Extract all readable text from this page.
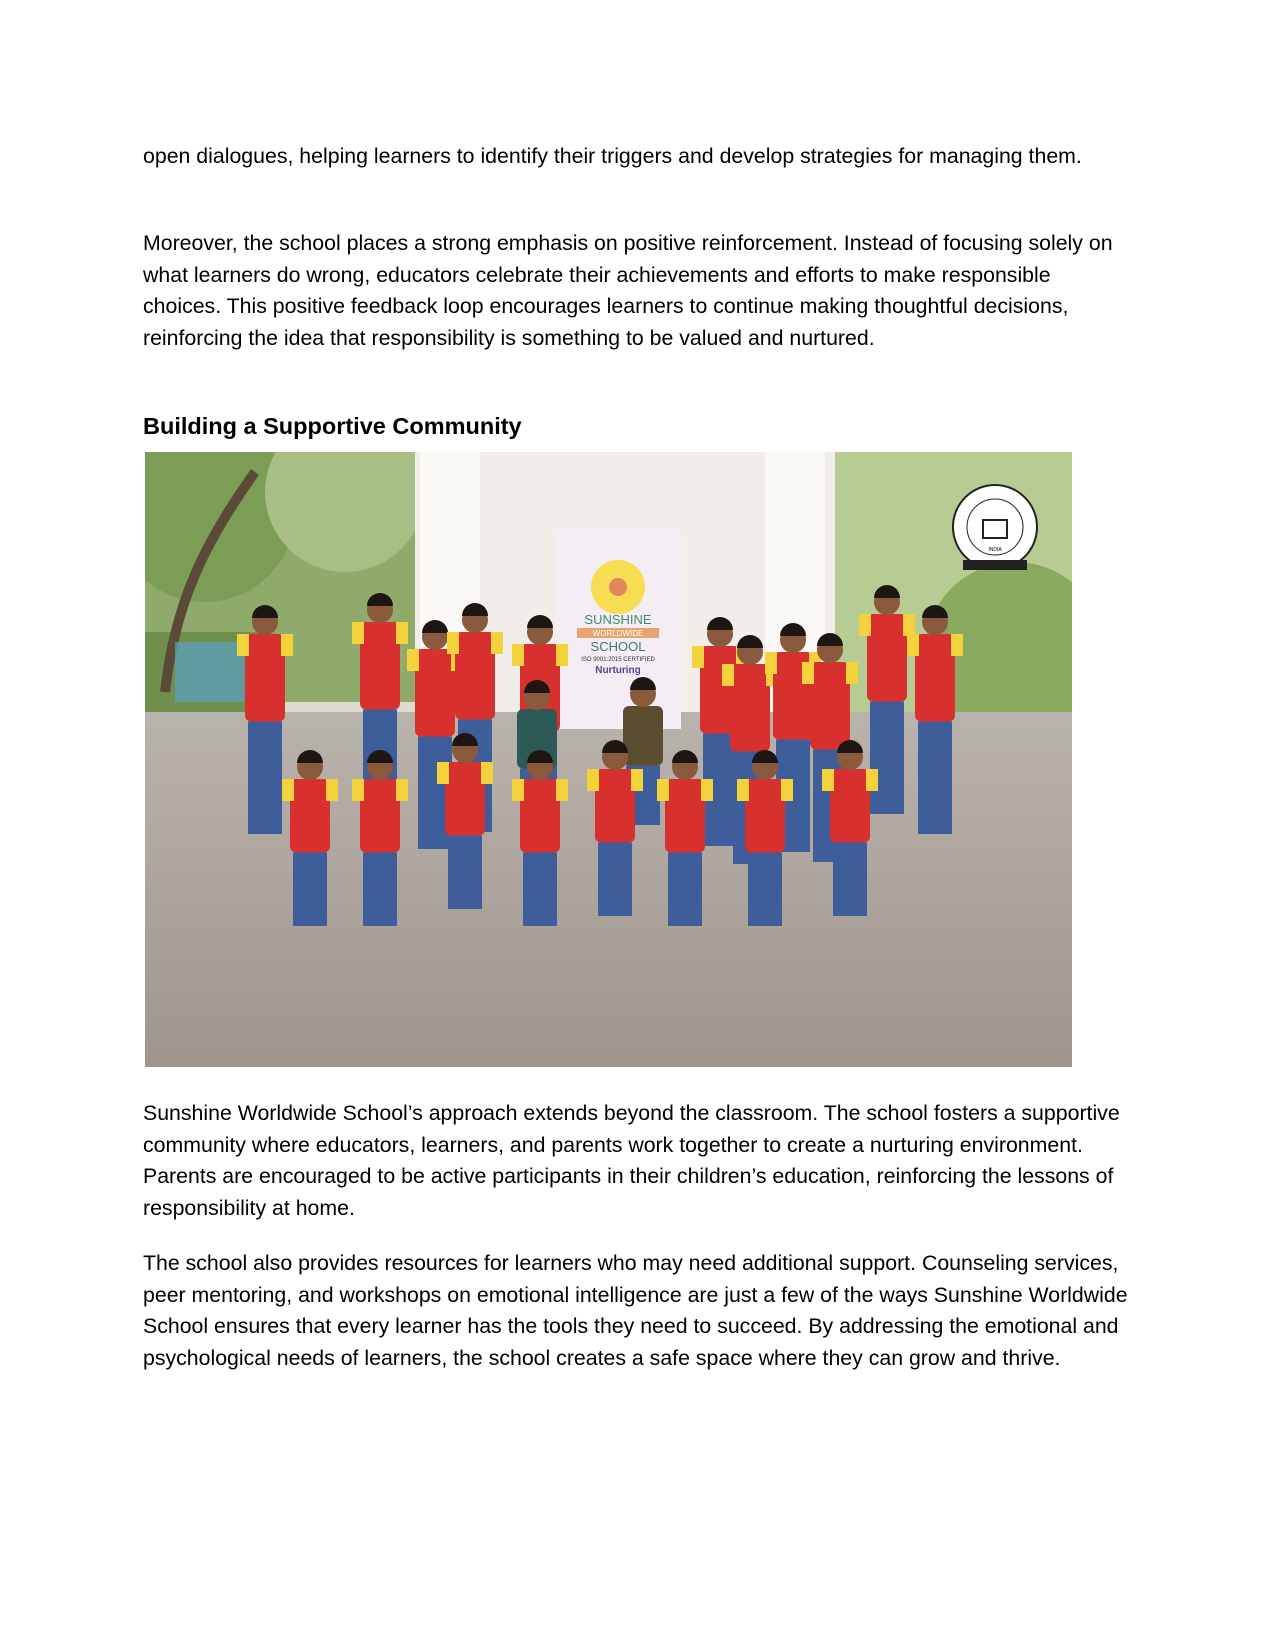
open dialogues, helping learners to identify their triggers and develop strategies for managing them.

Moreover, the school places a strong emphasis on positive reinforcement. Instead of focusing solely on what learners do wrong, educators celebrate their achievements and efforts to make responsible choices. This positive feedback loop encourages learners to continue making thoughtful decisions, reinforcing the idea that responsibility is something to be valued and nurtured.

Building a Supportive Community
SUNSHINE
WORLDWIDE
SCHOOL
ISO 9001:2015 CERTIFIED
Nurturing
INDIA

Sunshine Worldwide School’s approach extends beyond the classroom. The school fosters a supportive community where educators, learners, and parents work together to create a nurturing environment. Parents are encouraged to be active participants in their children’s education, reinforcing the lessons of responsibility at home.

The school also provides resources for learners who may need additional support. Counseling services, peer mentoring, and workshops on emotional intelligence are just a few of the ways Sunshine Worldwide School ensures that every learner has the tools they need to succeed. By addressing the emotional and psychological needs of learners, the school creates a safe space where they can grow and thrive.
